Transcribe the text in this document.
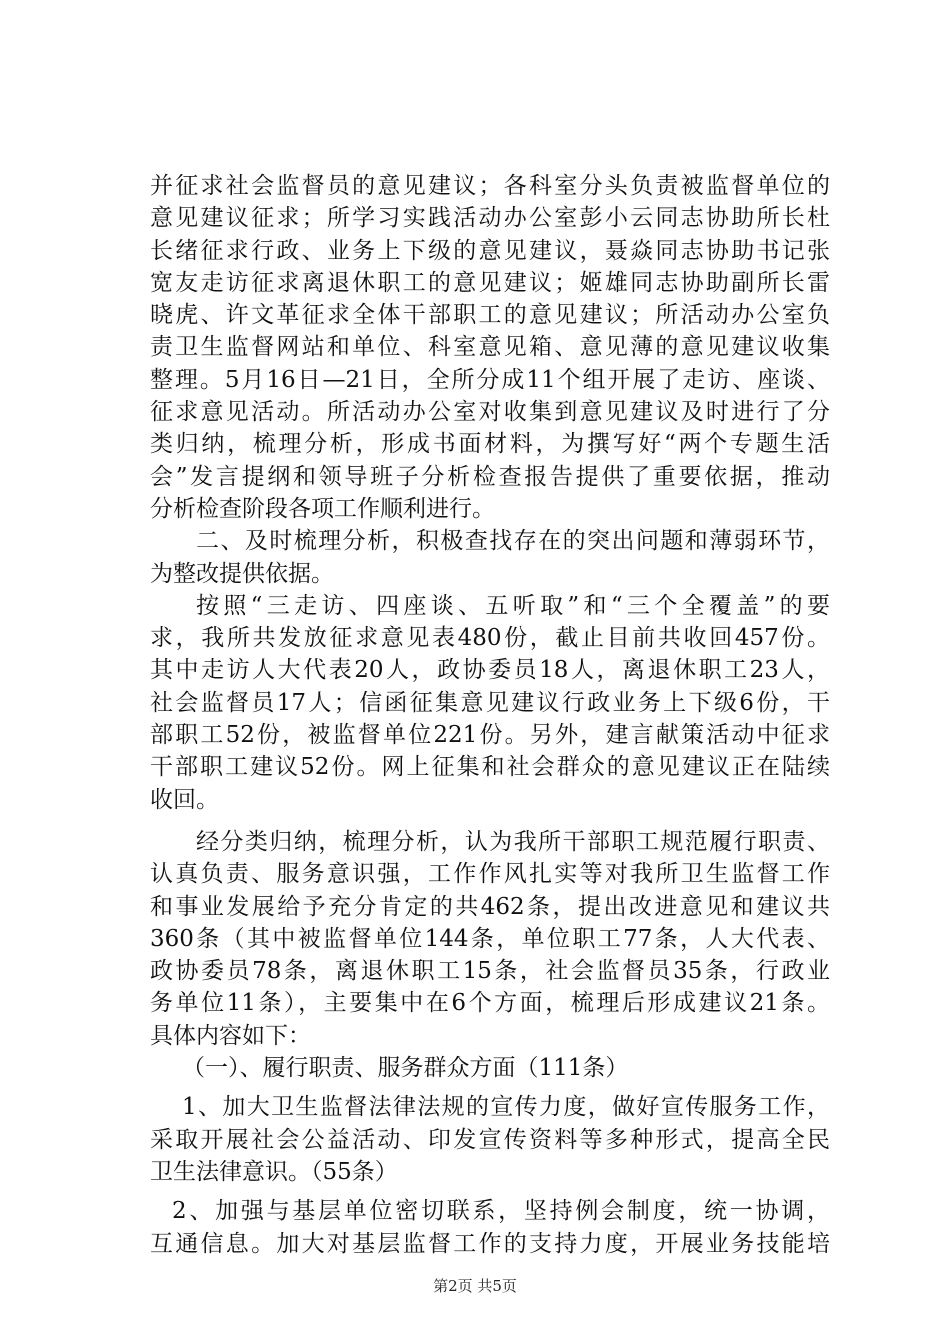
并征求社会监督员的意见建议；各科室分头负责被监督单位的
意见建议征求；所学习实践活动办公室彭小云同志协助所长杜
长绪征求行政、业务上下级的意见建议，聂焱同志协助书记张
宽友走访征求离退休职工的意见建议；姬雄同志协助副所长雷
晓虎、许文革征求全体干部职工的意见建议；所活动办公室负
责卫生监督网站和单位、科室意见箱、意见薄的意见建议收集
整理。5月16日—21日，全所分成11个组开展了走访、座谈、
征求意见活动。所活动办公室对收集到意见建议及时进行了分
类归纳，梳理分析，形成书面材料，为撰写好“两个专题生活
会”发言提纲和领导班子分析检查报告提供了重要依据，推动
分析检查阶段各项工作顺利进行。
二、及时梳理分析，积极查找存在的突出问题和薄弱环节，
为整改提供依据。
按照“三走访、四座谈、五听取”和“三个全覆盖”的要
求，我所共发放征求意见表480份，截止目前共收回457份。
其中走访人大代表20人，政协委员18人，离退休职工23人，
社会监督员17人；信函征集意见建议行政业务上下级6份，干
部职工52份，被监督单位221份。另外，建言献策活动中征求
干部职工建议52份。网上征集和社会群众的意见建议正在陆续
收回。
经分类归纳，梳理分析，认为我所干部职工规范履行职责、
认真负责、服务意识强，工作作风扎实等对我所卫生监督工作
和事业发展给予充分肯定的共462条，提出改进意见和建议共
360条（其中被监督单位144条，单位职工77条，人大代表、
政协委员78条，离退休职工15条，社会监督员35条，行政业
务单位11条），主要集中在6个方面，梳理后形成建议21条。
具体内容如下：
（一）、履行职责、服务群众方面（111条）
1、加大卫生监督法律法规的宣传力度，做好宣传服务工作，
采取开展社会公益活动、印发宣传资料等多种形式，提高全民
卫生法律意识。（55条）
2、加强与基层单位密切联系，坚持例会制度，统一协调，
互通信息。加大对基层监督工作的支持力度，开展业务技能培
第2页 共5页
